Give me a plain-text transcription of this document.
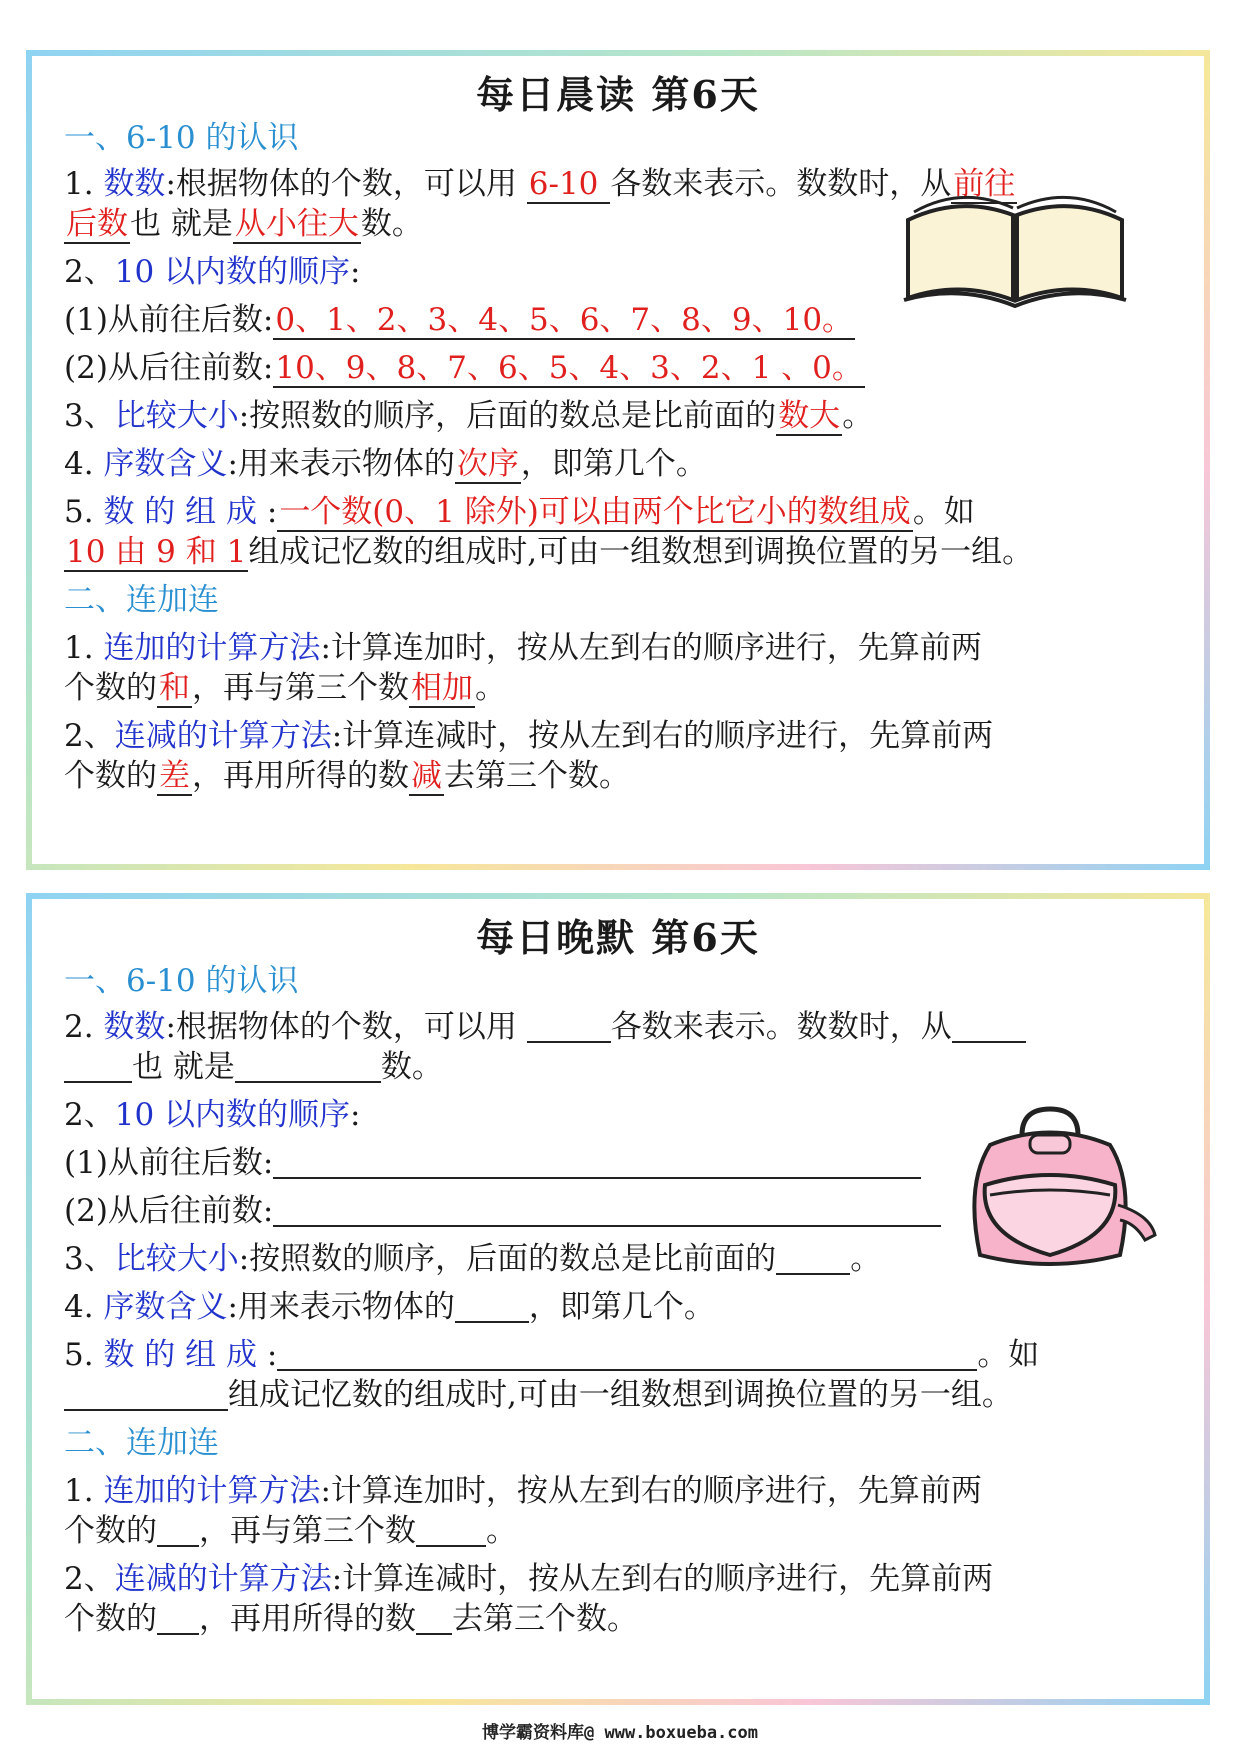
每日晨读 第6天
一、6-10 的认识
1. 数数:根据物体的个数，可以用 6-10 各数来表示。数数时，从前往
后数也 就是从小往大数。
2、10 以内数的顺序:
(1)从前往后数:0、1、2、3、4、5、6、7、8、9、10。
(2)从后往前数:10、9、8、7、6、5、4、3、2、1 、0。
3、比较大小:按照数的顺序，后面的数总是比前面的数大。
4. 序数含义:用来表示物体的次序，即第几个。
5. 数 的 组 成 :一个数(0、1 除外)可以由两个比它小的数组成。如
10 由 9 和 1组成记忆数的组成时,可由一组数想到调换位置的另一组。
二、连加连
1. 连加的计算方法:计算连加时，按从左到右的顺序进行，先算前两
个数的和，再与第三个数相加。
2、连减的计算方法:计算连减时，按从左到右的顺序进行，先算前两
个数的差，再用所得的数减去第三个数。
每日晚默 第6天
一、6-10 的认识
2. 数数:根据物体的个数，可以用	各数来表示。数数时，从
也 就是	数。
2、10 以内数的顺序:
(1)从前往后数:
(2)从后往前数:
3、比较大小:按照数的顺序，后面的数总是比前面的 。
4. 序数含义:用来表示物体的 ，即第几个。
5. 数 的 组 成 :	。如
组成记忆数的组成时,可由一组数想到调换位置的另一组。
二、连加连
1. 连加的计算方法:计算连加时，按从左到右的顺序进行，先算前两
个数的 ，再与第三个数 。
2、连减的计算方法:计算连减时，按从左到右的顺序进行，先算前两
个数的 ，再用所得的数 去第三个数。
博学霸资料库@ www.boxueba.com
